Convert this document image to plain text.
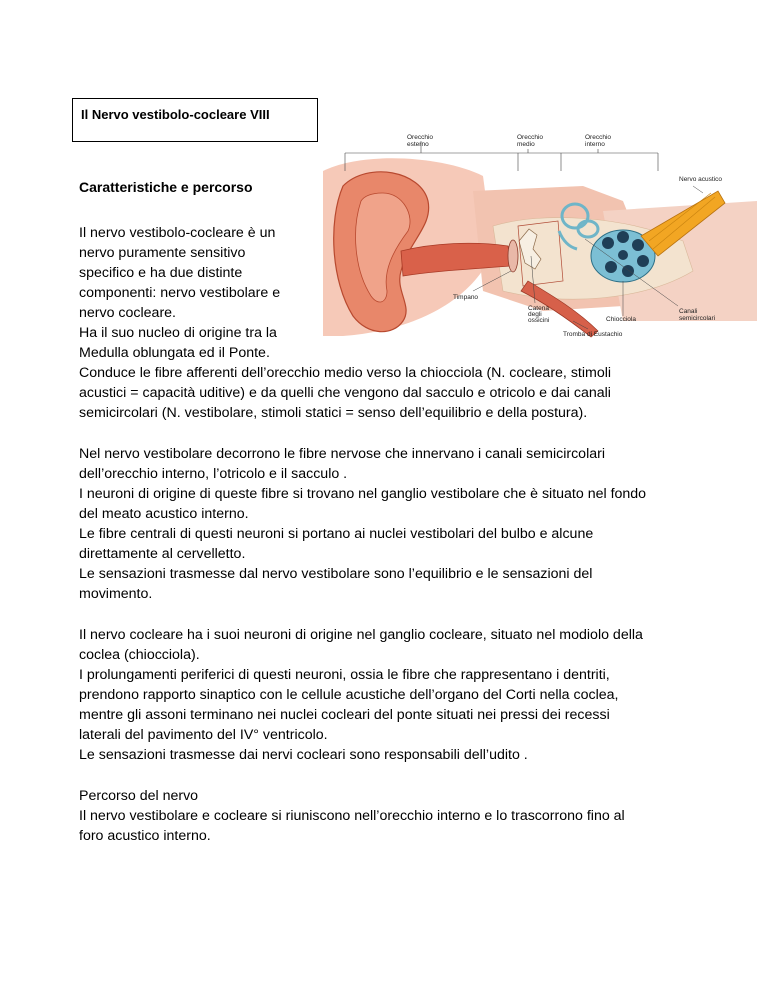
Il Nervo vestibolo-cocleare VIII
Caratteristiche e percorso
Il nervo vestibolo-cocleare è un
nervo puramente sensitivo
specifico e ha due distinte
componenti: nervo vestibolare e
nervo cocleare.
Ha il suo nucleo di origine tra la
Medulla oblungata ed il Ponte.
Conduce le fibre afferenti dell’orecchio medio verso la chiocciola (N. cocleare, stimoli
acustici = capacità uditive) e da quelli che vengono dal sacculo e otricolo e dai canali
semicircolari (N. vestibolare, stimoli statici = senso dell’equilibrio e della postura).
Nel nervo vestibolare decorrono le fibre nervose che innervano i canali semicircolari
dell’orecchio interno, l’otricolo e il sacculo .
I neuroni di origine di queste fibre si trovano nel ganglio vestibolare che è situato nel fondo
del meato acustico interno.
Le fibre centrali di questi neuroni si portano ai nuclei vestibolari del bulbo e alcune
direttamente al cervelletto.
Le sensazioni trasmesse dal nervo vestibolare sono l’equilibrio e le sensazioni del
movimento.
Il nervo cocleare ha i suoi neuroni di origine nel ganglio cocleare, situato nel modiolo della
coclea (chiocciola).
I prolungamenti periferici di questi neuroni, ossia le fibre che rappresentano i dentriti,
prendono rapporto sinaptico con le cellule acustiche dell’organo del Corti nella coclea,
mentre gli assoni terminano nei nuclei cocleari del ponte situati nei pressi dei recessi
laterali del pavimento del IV° ventricolo.
Le sensazioni trasmesse dai nervi cocleari sono responsabili dell’udito .
Percorso del nervo
Il nervo vestibolare e cocleare si riuniscono nell’orecchio interno e lo trascorrono fino al
foro acustico interno.
Orecchio
esterno
Orecchio
medio
Orecchio
interno
Nervo acustico
Timpano
Catena
degli
ossicini	Chiocciola
Canali
semicircolari
Tromba di Eustachio
